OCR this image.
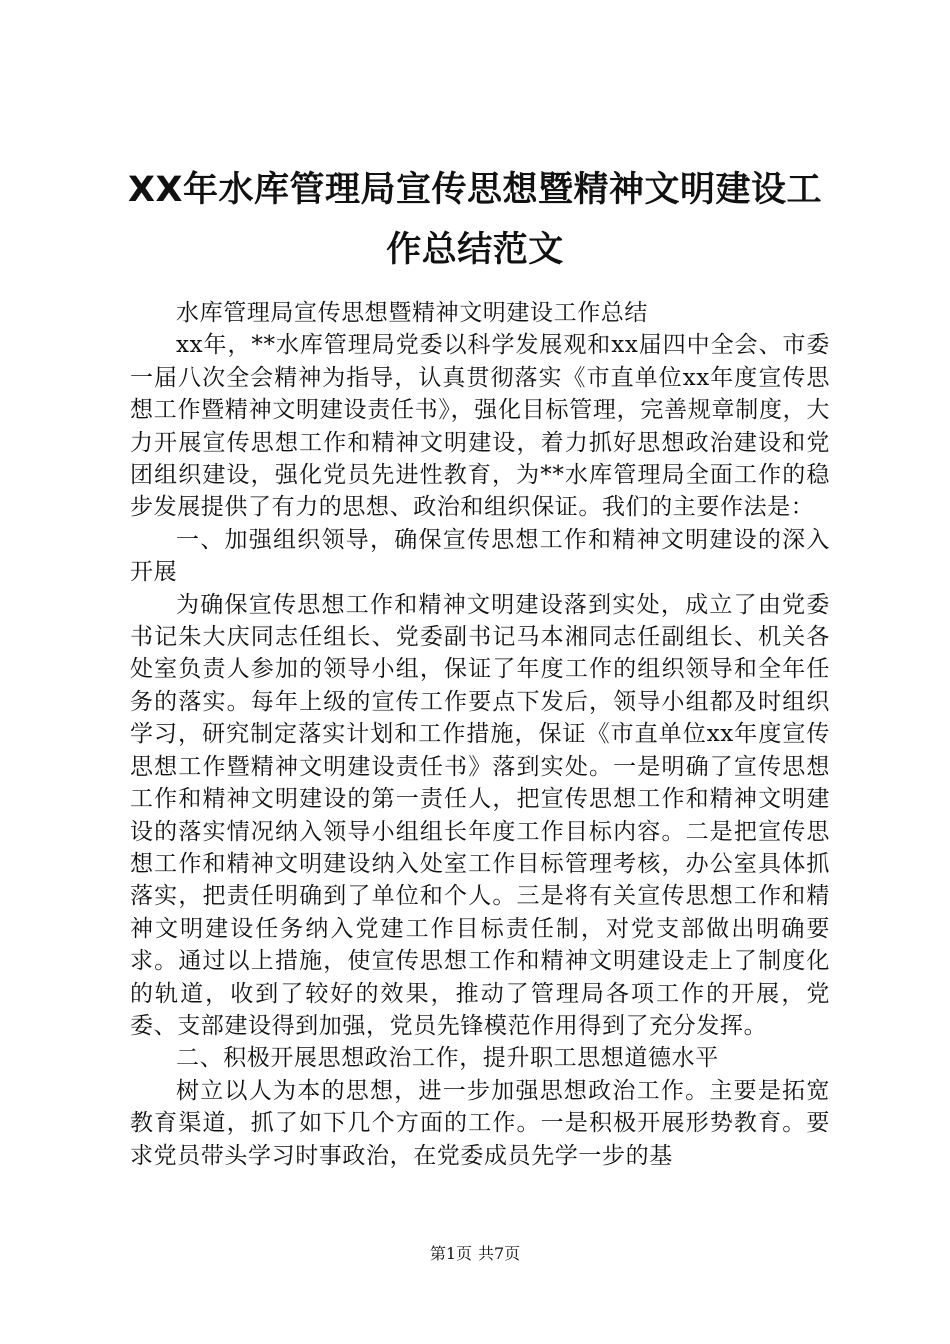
XX年水库管理局宣传思想暨精神文明建设工
作总结范文

水库管理局宣传思想暨精神文明建设工作总结

xx年，**水库管理局党委以科学发展观和xx届四中全会、市委一届八次全会精神为指导，认真贯彻落实《市直单位xx年度宣传思想工作暨精神文明建设责任书》，强化目标管理，完善规章制度，大力开展宣传思想工作和精神文明建设，着力抓好思想政治建设和党团组织建设，强化党员先进性教育，为**水库管理局全面工作的稳步发展提供了有力的思想、政治和组织保证。我们的主要作法是：

一、加强组织领导，确保宣传思想工作和精神文明建设的深入开展

为确保宣传思想工作和精神文明建设落到实处，成立了由党委书记朱大庆同志任组长、党委副书记马本湘同志任副组长、机关各处室负责人参加的领导小组，保证了年度工作的组织领导和全年任务的落实。每年上级的宣传工作要点下发后，领导小组都及时组织学习，研究制定落实计划和工作措施，保证《市直单位xx年度宣传思想工作暨精神文明建设责任书》落到实处。一是明确了宣传思想工作和精神文明建设的第一责任人，把宣传思想工作和精神文明建设的落实情况纳入领导小组组长年度工作目标内容。二是把宣传思想工作和精神文明建设纳入处室工作目标管理考核，办公室具体抓落实，把责任明确到了单位和个人。三是将有关宣传思想工作和精神文明建设任务纳入党建工作目标责任制，对党支部做出明确要求。通过以上措施，使宣传思想工作和精神文明建设走上了制度化的轨道，收到了较好的效果，推动了管理局各项工作的开展，党委、支部建设得到加强，党员先锋模范作用得到了充分发挥。

二、积极开展思想政治工作，提升职工思想道德水平

树立以人为本的思想，进一步加强思想政治工作。主要是拓宽教育渠道，抓了如下几个方面的工作。一是积极开展形势教育。要求党员带头学习时事政治，在党委成员先学一步的基

第1页 共7页
